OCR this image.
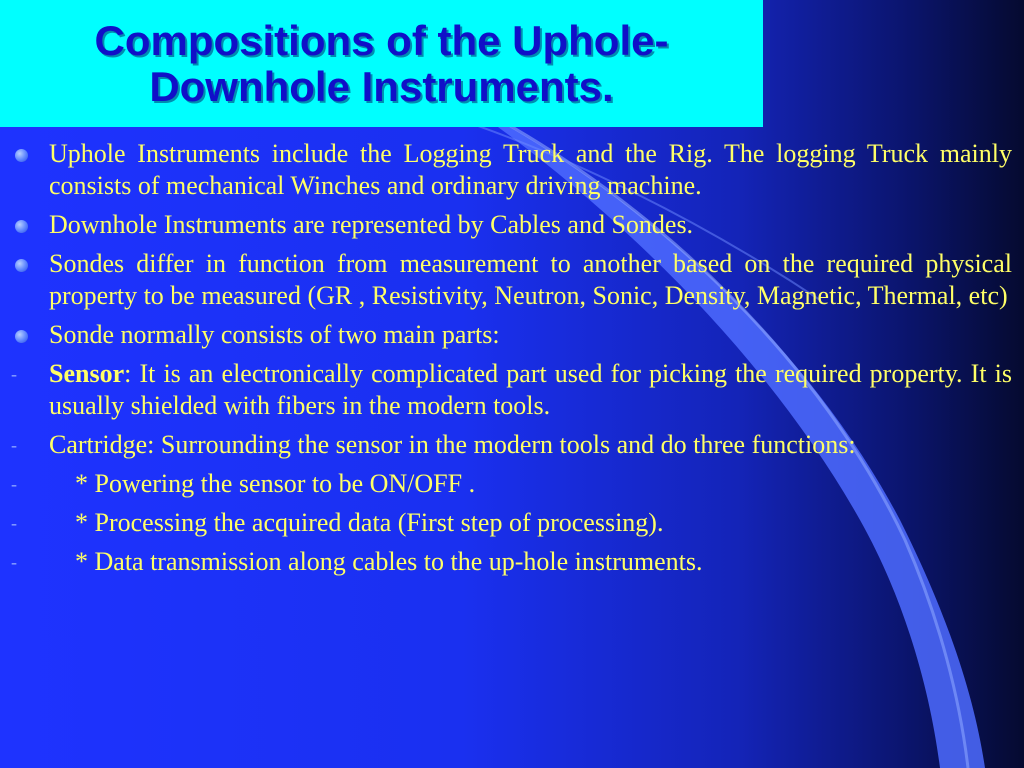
Compositions of the Uphole-
Downhole Instruments.
Uphole Instruments include the Logging Truck and the Rig. The logging Truck mainly consists of mechanical Winches and ordinary driving machine.
Downhole Instruments are represented by Cables and Sondes.
Sondes differ in function from measurement to another based on the required physical property to be measured (GR , Resistivity, Neutron, Sonic, Density, Magnetic, Thermal, etc)
Sonde normally consists of two main parts:
- Sensor: It is an electronically complicated part used for picking the required property. It is usually shielded with fibers in the modern tools.
- Cartridge: Surrounding the sensor in the modern tools and do three functions:
- * Powering the sensor to be ON/OFF .
- * Processing the acquired data (First step of processing).
- * Data transmission along cables to the up-hole instruments.
